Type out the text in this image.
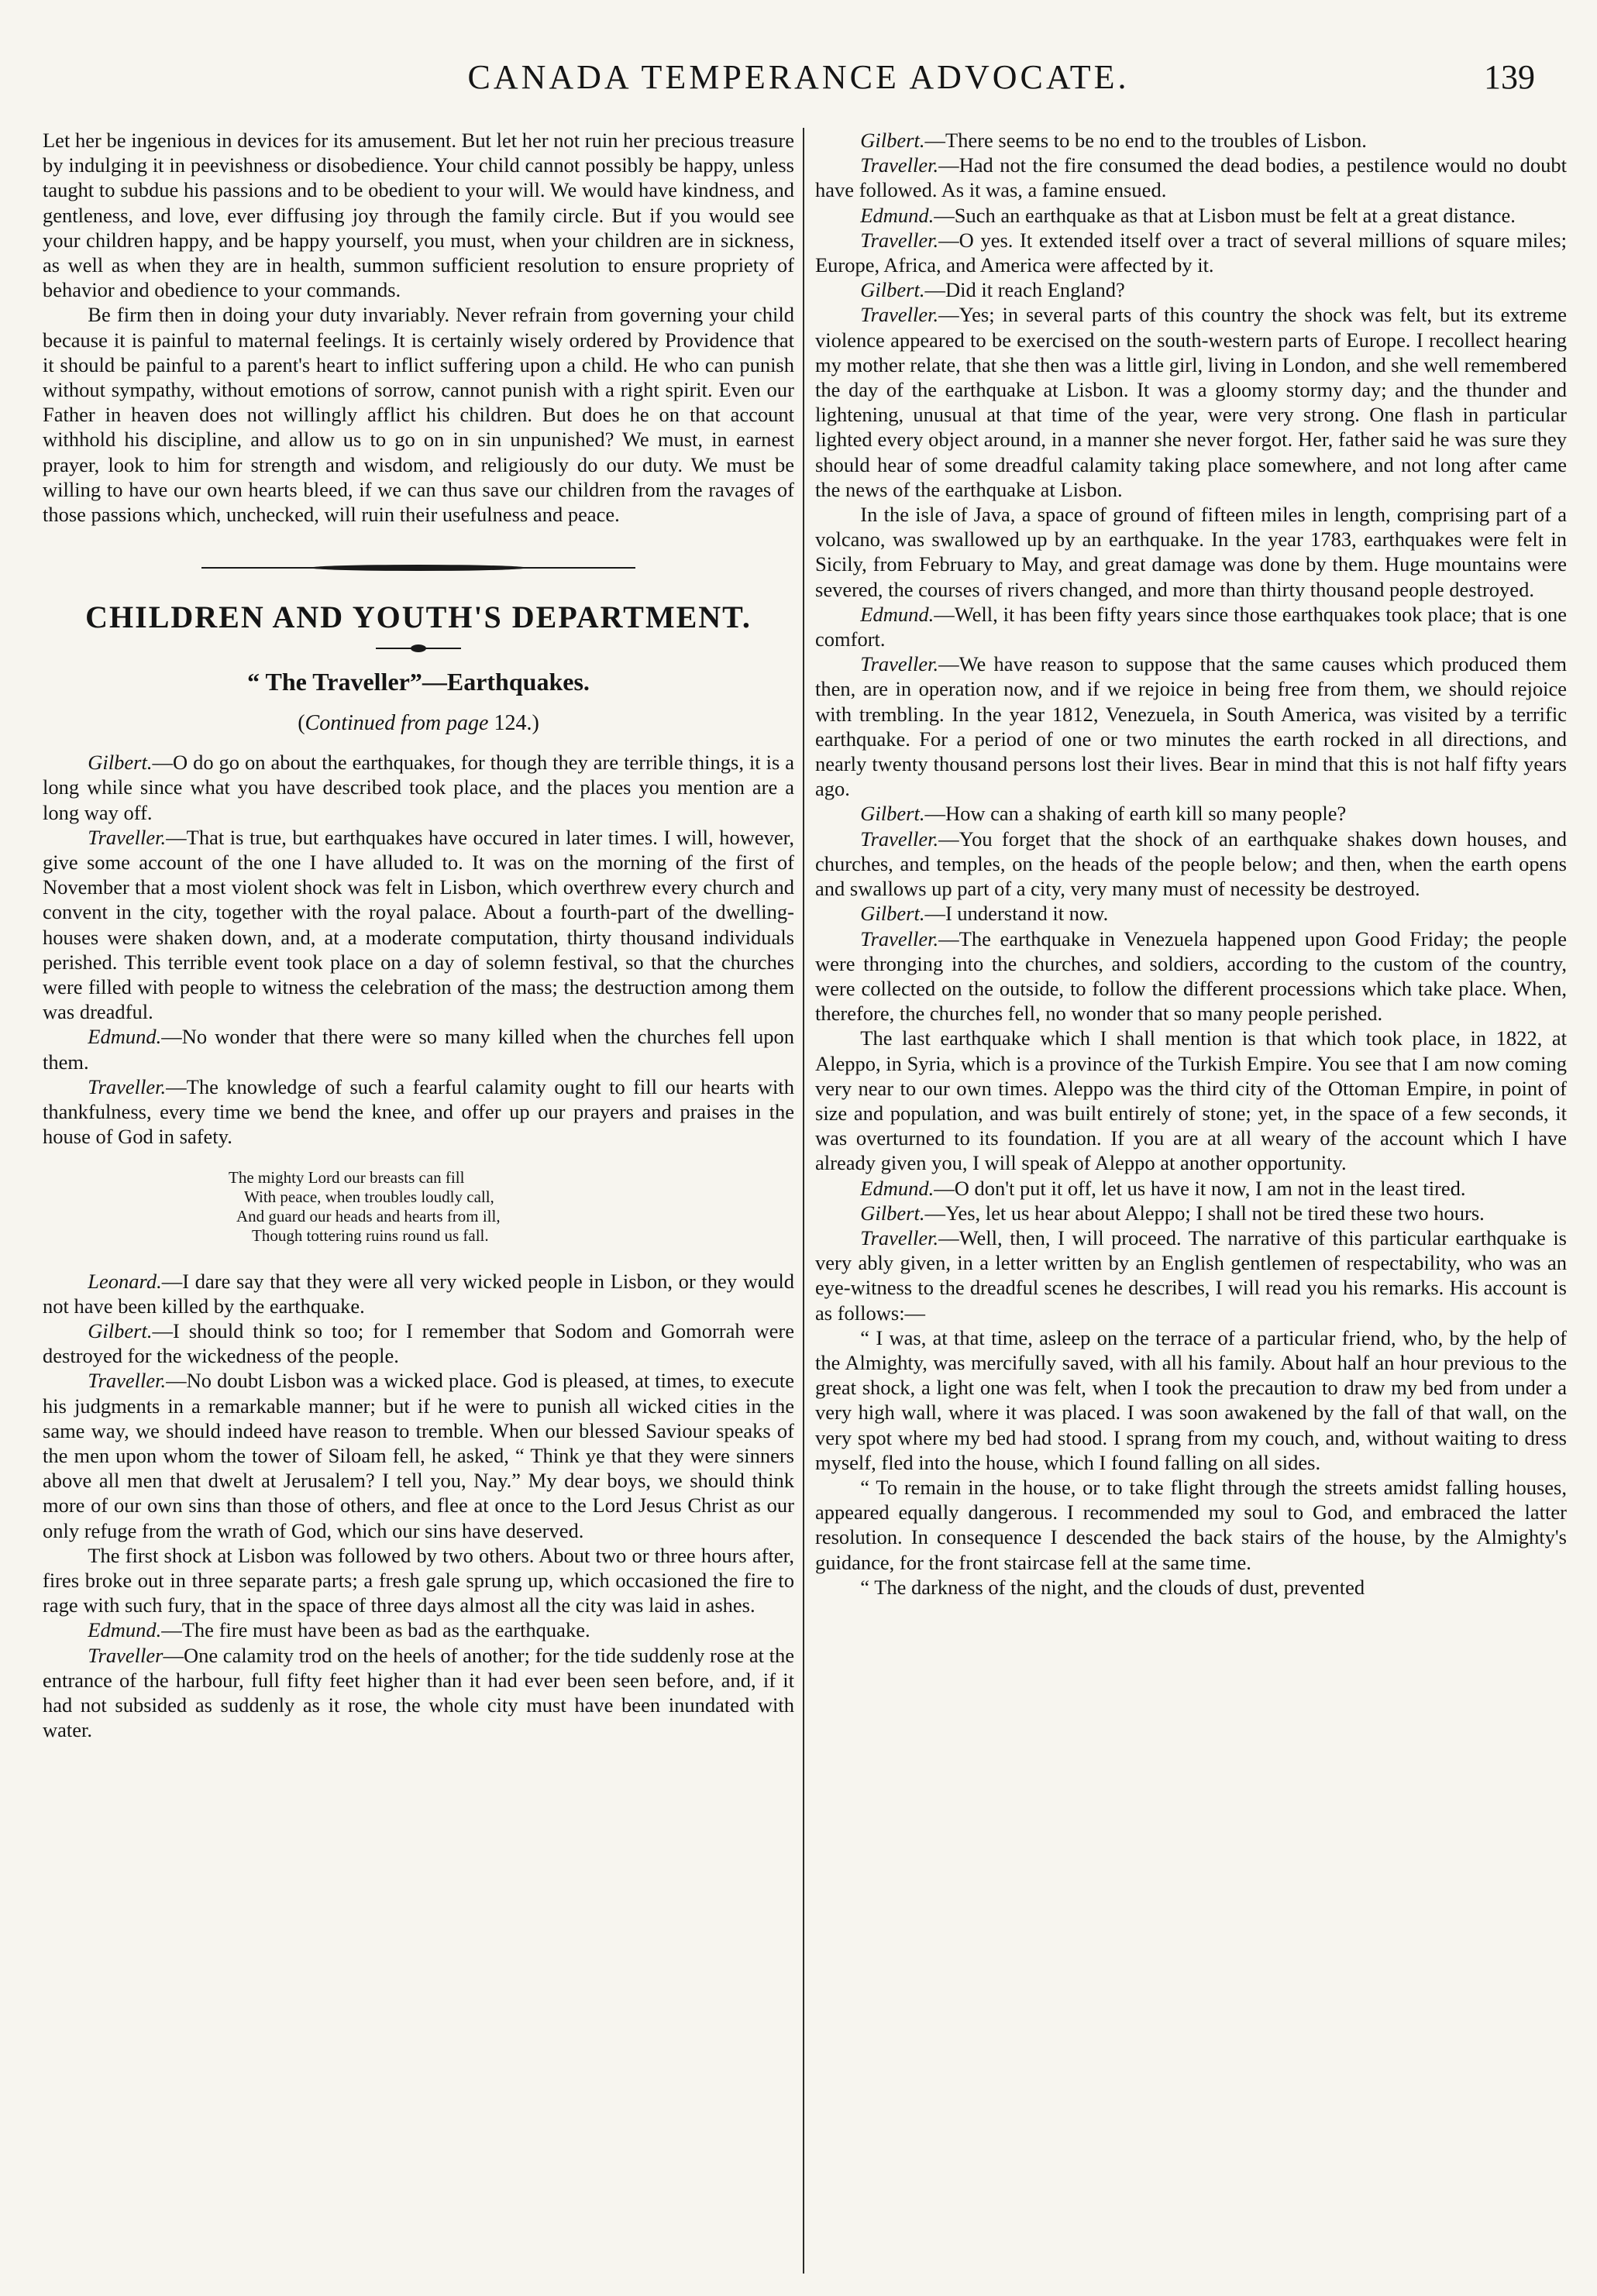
CANADA TEMPERANCE ADVOCATE.	139

Let her be ingenious in devices for its amusement. But let her not ruin her precious treasure by indulging it in peevishness or disobedience. Your child cannot possibly be happy, unless taught to subdue his passions and to be obedient to your will. We would have kindness, and gentleness, and love, ever diffusing joy through the family circle. But if you would see your children happy, and be happy yourself, you must, when your children are in sickness, as well as when they are in health, summon sufficient resolution to ensure propriety of behavior and obedience to your commands.

Be firm then in doing your duty invariably. Never refrain from governing your child because it is painful to maternal feelings. It is certainly wisely ordered by Providence that it should be painful to a parent's heart to inflict suffering upon a child. He who can punish without sympathy, without emotions of sorrow, cannot punish with a right spirit. Even our Father in heaven does not willingly afflict his children. But does he on that account withhold his discipline, and allow us to go on in sin unpunished? We must, in earnest prayer, look to him for strength and wisdom, and religiously do our duty. We must be willing to have our own hearts bleed, if we can thus save our children from the ravages of those passions which, unchecked, will ruin their usefulness and peace.

CHILDREN AND YOUTH'S DEPARTMENT.
“ The Traveller”—Earthquakes.
(Continued from page 124.)

Gilbert.—O do go on about the earthquakes, for though they are terrible things, it is a long while since what you have described took place, and the places you mention are a long way off.

Traveller.—That is true, but earthquakes have occured in later times. I will, however, give some account of the one I have alluded to. It was on the morning of the first of November that a most violent shock was felt in Lisbon, which overthrew every church and convent in the city, together with the royal palace. About a fourth-part of the dwelling-houses were shaken down, and, at a moderate computation, thirty thousand individuals perished. This terrible event took place on a day of solemn festival, so that the churches were filled with people to witness the celebration of the mass; the destruction among them was dreadful.

Edmund.—No wonder that there were so many killed when the churches fell upon them.

Traveller.—The knowledge of such a fearful calamity ought to fill our hearts with thankfulness, every time we bend the knee, and offer up our prayers and praises in the house of God in safety.

The mighty Lord our breasts can fill
With peace, when troubles loudly call,
And guard our heads and hearts from ill,
Though tottering ruins round us fall.

Leonard.—I dare say that they were all very wicked people in Lisbon, or they would not have been killed by the earthquake.

Gilbert.—I should think so too; for I remember that Sodom and Gomorrah were destroyed for the wickedness of the people.

Traveller.—No doubt Lisbon was a wicked place. God is pleased, at times, to execute his judgments in a remarkable manner; but if he were to punish all wicked cities in the same way, we should indeed have reason to tremble. When our blessed Saviour speaks of the men upon whom the tower of Siloam fell, he asked, “ Think ye that they were sinners above all men that dwelt at Jerusalem? I tell you, Nay.” My dear boys, we should think more of our own sins than those of others, and flee at once to the Lord Jesus Christ as our only refuge from the wrath of God, which our sins have deserved.

The first shock at Lisbon was followed by two others. About two or three hours after, fires broke out in three separate parts; a fresh gale sprung up, which occasioned the fire to rage with such fury, that in the space of three days almost all the city was laid in ashes.

Edmund.—The fire must have been as bad as the earthquake.

Traveller—One calamity trod on the heels of another; for the tide suddenly rose at the entrance of the harbour, full fifty feet higher than it had ever been seen before, and, if it had not subsided as suddenly as it rose, the whole city must have been inundated with water.

Gilbert.—There seems to be no end to the troubles of Lisbon.

Traveller.—Had not the fire consumed the dead bodies, a pestilence would no doubt have followed. As it was, a famine ensued.

Edmund.—Such an earthquake as that at Lisbon must be felt at a great distance.

Traveller.—O yes. It extended itself over a tract of several millions of square miles; Europe, Africa, and America were affected by it.

Gilbert.—Did it reach England?

Traveller.—Yes; in several parts of this country the shock was felt, but its extreme violence appeared to be exercised on the south-western parts of Europe. I recollect hearing my mother relate, that she then was a little girl, living in London, and she well remembered the day of the earthquake at Lisbon. It was a gloomy stormy day; and the thunder and lightening, unusual at that time of the year, were very strong. One flash in particular lighted every object around, in a manner she never forgot. Her, father said he was sure they should hear of some dreadful calamity taking place somewhere, and not long after came the news of the earthquake at Lisbon.

In the isle of Java, a space of ground of fifteen miles in length, comprising part of a volcano, was swallowed up by an earthquake. In the year 1783, earthquakes were felt in Sicily, from February to May, and great damage was done by them. Huge mountains were severed, the courses of rivers changed, and more than thirty thousand people destroyed.

Edmund.—Well, it has been fifty years since those earthquakes took place; that is one comfort.

Traveller.—We have reason to suppose that the same causes which produced them then, are in operation now, and if we rejoice in being free from them, we should rejoice with trembling. In the year 1812, Venezuela, in South America, was visited by a terrific earthquake. For a period of one or two minutes the earth rocked in all directions, and nearly twenty thousand persons lost their lives. Bear in mind that this is not half fifty years ago.

Gilbert.—How can a shaking of earth kill so many people?

Traveller.—You forget that the shock of an earthquake shakes down houses, and churches, and temples, on the heads of the people below; and then, when the earth opens and swallows up part of a city, very many must of necessity be destroyed.

Gilbert.—I understand it now.

Traveller.—The earthquake in Venezuela happened upon Good Friday; the people were thronging into the churches, and soldiers, according to the custom of the country, were collected on the outside, to follow the different processions which take place. When, therefore, the churches fell, no wonder that so many people perished.

The last earthquake which I shall mention is that which took place, in 1822, at Aleppo, in Syria, which is a province of the Turkish Empire. You see that I am now coming very near to our own times. Aleppo was the third city of the Ottoman Empire, in point of size and population, and was built entirely of stone; yet, in the space of a few seconds, it was overturned to its foundation. If you are at all weary of the account which I have already given you, I will speak of Aleppo at another opportunity.

Edmund.—O don't put it off, let us have it now, I am not in the least tired.

Gilbert.—Yes, let us hear about Aleppo; I shall not be tired these two hours.

Traveller.—Well, then, I will proceed. The narrative of this particular earthquake is very ably given, in a letter written by an English gentlemen of respectability, who was an eye-witness to the dreadful scenes he describes, I will read you his remarks. His account is as follows:—

“ I was, at that time, asleep on the terrace of a particular friend, who, by the help of the Almighty, was mercifully saved, with all his family. About half an hour previous to the great shock, a light one was felt, when I took the precaution to draw my bed from under a very high wall, where it was placed. I was soon awakened by the fall of that wall, on the very spot where my bed had stood. I sprang from my couch, and, without waiting to dress myself, fled into the house, which I found falling on all sides.

“ To remain in the house, or to take flight through the streets amidst falling houses, appeared equally dangerous. I recommended my soul to God, and embraced the latter resolution. In consequence I descended the back stairs of the house, by the Almighty's guidance, for the front staircase fell at the same time.

“ The darkness of the night, and the clouds of dust, prevented
